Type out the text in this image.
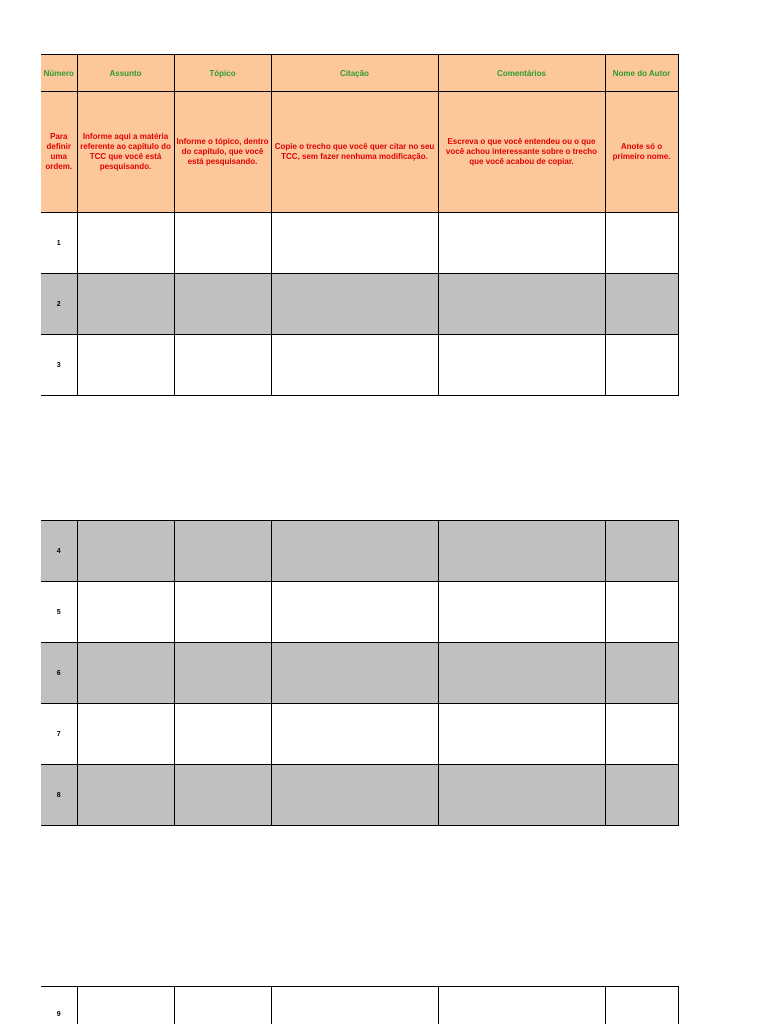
Número	Assunto	Tópico	Citação	Comentários	Nome do Autor
Para definir uma ordem.	Informe aqui a matéria referente ao capítulo do TCC que você está pesquisando.	Informe o tópico, dentro do capítulo, que você está pesquisando.	Copie o trecho que você quer citar no seu TCC, sem fazer nenhuma modificação.	Escreva o que você entendeu ou o que você achou interessante sobre o trecho que você acabou de copiar.	Anote só o primeiro nome.
1					
2					
3					
4					
5					
6					
7					
8					
9					
